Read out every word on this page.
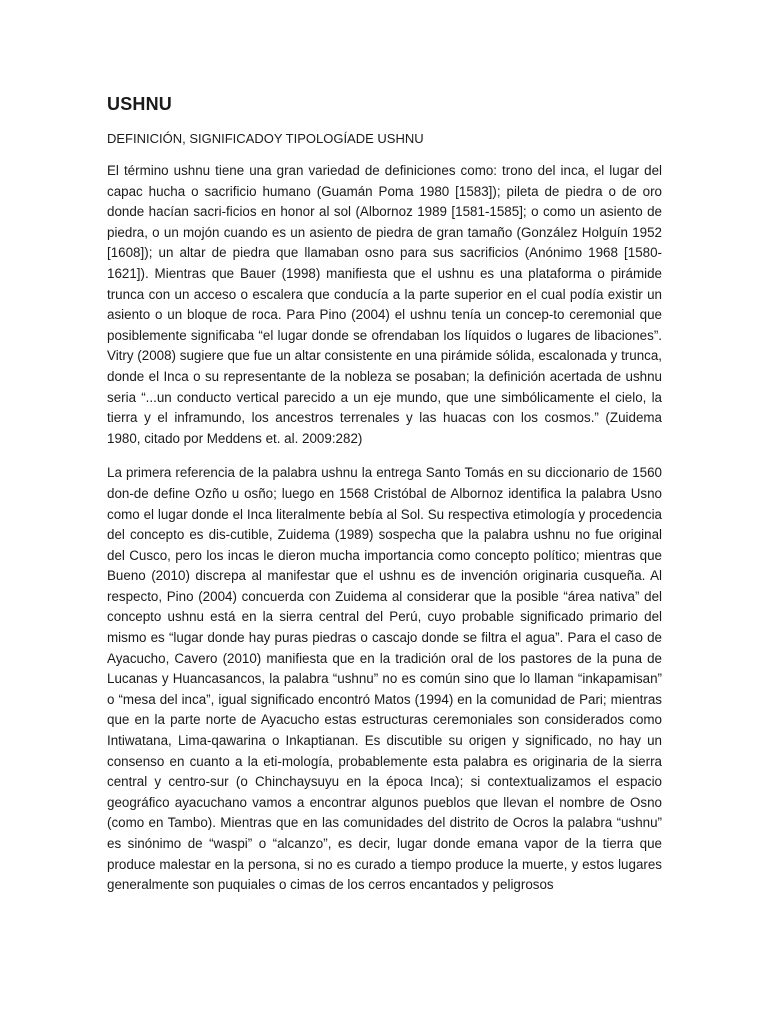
USHNU
DEFINICIÓN, SIGNIFICADOY TIPOLOGÍADE USHNU

El término ushnu tiene una gran variedad de definiciones como: trono del inca, el lugar del capac hucha o sacrificio humano (Guamán Poma 1980 [1583]); pileta de piedra o de oro donde hacían sacri-ficios en honor al sol (Albornoz 1989 [1581-1585]; o como un asiento de piedra, o un mojón cuando es un asiento de piedra de gran tamaño (González Holguín 1952 [1608]); un altar de piedra que llamaban osno para sus sacrificios (Anónimo 1968 [1580-1621]). Mientras que Bauer (1998) manifiesta que el ushnu es una plataforma o pirámide trunca con un acceso o escalera que conducía a la parte superior en el cual podía existir un asiento o un bloque de roca. Para Pino (2004) el ushnu tenía un concep-to ceremonial que posiblemente significaba “el lugar donde se ofrendaban los líquidos o lugares de libaciones”. Vitry (2008) sugiere que fue un altar consistente en una pirámide sólida, escalonada y trunca, donde el Inca o su representante de la nobleza se posaban; la definición acertada de ushnu seria “...un conducto vertical parecido a un eje mundo, que une simbólicamente el cielo, la tierra y el inframundo, los ancestros terrenales y las huacas con los cosmos.” (Zuidema 1980, citado por Meddens et. al. 2009:282)

La primera referencia de la palabra ushnu la entrega Santo Tomás en su diccionario de 1560 don-de define Ozño u osño; luego en 1568 Cristóbal de Albornoz identifica la palabra Usno como el lugar donde el Inca literalmente bebía al Sol. Su respectiva etimología y procedencia del concepto es dis-cutible, Zuidema (1989) sospecha que la palabra ushnu no fue original del Cusco, pero los incas le dieron mucha importancia como concepto político; mientras que Bueno (2010) discrepa al manifestar que el ushnu es de invención originaria cusqueña. Al respecto, Pino (2004) concuerda con Zuidema al considerar que la posible “área nativa” del concepto ushnu está en la sierra central del Perú, cuyo probable significado primario del mismo es “lugar donde hay puras piedras o cascajo donde se filtra el agua”. Para el caso de Ayacucho, Cavero (2010) manifiesta que en la tradición oral de los pastores de la puna de Lucanas y Huancasancos, la palabra “ushnu” no es común sino que lo llaman “inkapamisan” o “mesa del inca”, igual significado encontró Matos (1994) en la comunidad de Pari; mientras que en la parte norte de Ayacucho estas estructuras ceremoniales son considerados como Intiwatana, Lima-qawarina o Inkaptianan. Es discutible su origen y significado, no hay un consenso en cuanto a la eti-mología, probablemente esta palabra es originaria de la sierra central y centro-sur (o Chinchaysuyu en la época Inca); si contextualizamos el espacio geográfico ayacuchano vamos a encontrar algunos pueblos que llevan el nombre de Osno (como en Tambo). Mientras que en las comunidades del distrito de Ocros la palabra “ushnu” es sinónimo de “waspi” o “alcanzo”, es decir, lugar donde emana vapor de la tierra que produce malestar en la persona, si no es curado a tiempo produce la muerte, y estos lugares generalmente son puquiales o cimas de los cerros encantados y peligrosos
